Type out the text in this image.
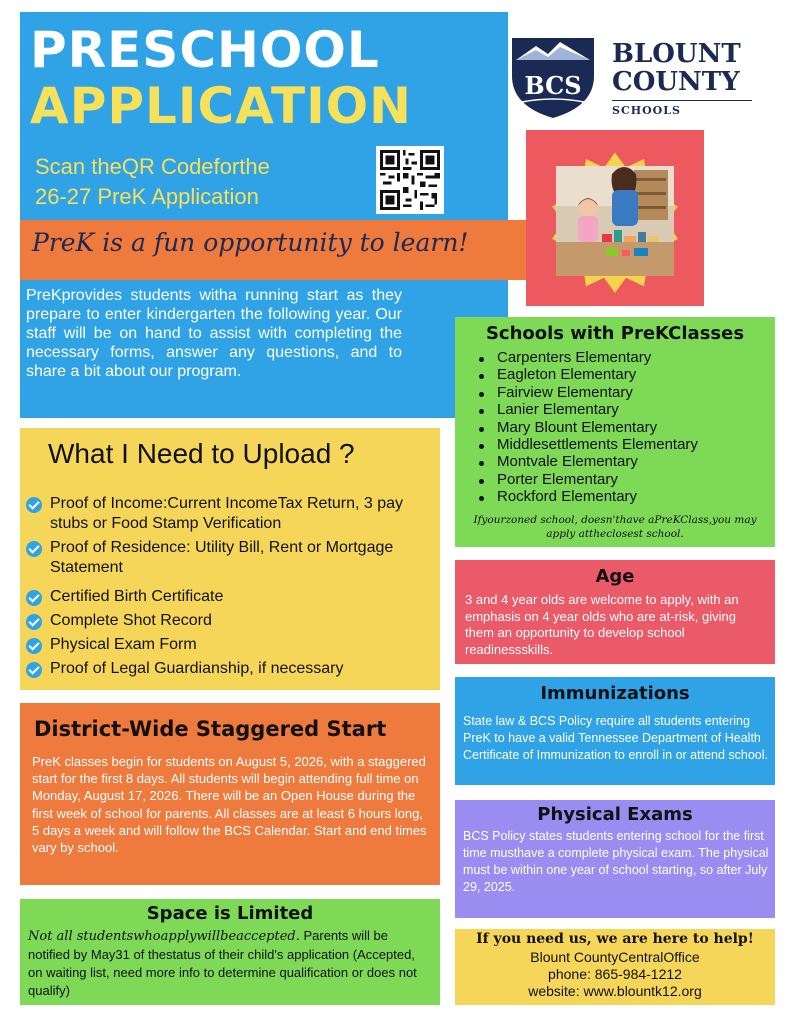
PRESCHOOL
APPLICATION
Scan theQR Codeforthe
26-27 PreK Application
PreK is a fun opportunity to learn!

PreKprovides students witha running start as they prepare to enter kindergarten the following year. Our staff will be on hand to assist with completing the necessary forms, answer any questions, and to share a bit about our program.

BCS
BLOUNT
COUNTY
SCHOOLS
What I Need to Upload ?
Proof of Income:Current IncomeTax Return, 3 pay stubs or Food Stamp Verification
Proof of Residence: Utility Bill, Rent or Mortgage Statement
Certified Birth Certificate
Complete Shot Record
Physical Exam Form
Proof of Legal Guardianship, if necessary
District-Wide Staggered Start
PreK classes begin for students on August 5, 2026, with a staggered start for the first 8 days. All students will begin attending full time on Monday, August 17, 2026. There will be an Open House during the first week of school for parents. All classes are at least 6 hours long, 5 days a week and will follow the BCS Calendar. Start and end times vary by school.
Space is Limited
Not all studentswhoapplywillbeaccepted. Parents will be notified by May31 of thestatus of their child's application (Accepted, on waiting list, need more info to determine qualification or does not qualify)
Schools with PreKClasses
Carpenters Elementary
Eagleton Elementary
Fairview Elementary
Lanier Elementary
Mary Blount Elementary
Middlesettlements Elementary
Montvale Elementary
Porter Elementary
Rockford Elementary
Ifyourzoned school, doesn'thave aPreKClass,you may apply attheclosest school.
Age
3 and 4 year olds are welcome to apply, with an emphasis on 4 year olds who are at-risk, giving them an opportunity to develop school readinessskills.
Immunizations
State law & BCS Policy require all students entering PreK to have a valid Tennessee Department of Health Certificate of Immunization to enroll in or attend school.
Physical Exams
BCS Policy states students entering school for the first time musthave a complete physical exam. The physical must be within one year of school starting, so after July 29, 2025.
If you need us, we are here to help!
Blount CountyCentralOffice
phone: 865-984-1212
website: www.blountk12.org
